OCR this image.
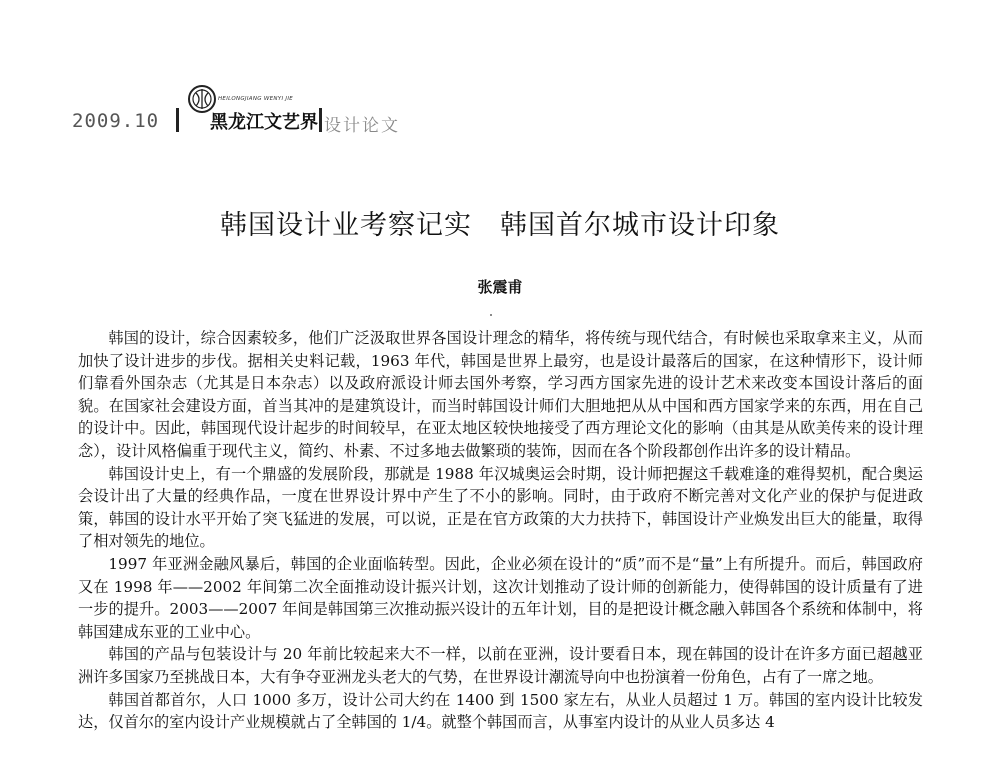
2009.10
HEILONGJIANG WENYI JIE
黑龙江文艺界 设计论文
韩国设计业考察记实　韩国首尔城市设计印象
张震甫

韩国的设计，综合因素较多，他们广泛汲取世界各国设计理念的精华，将传统与现代结合，有时候也采取拿来主义，从而加快了设计进步的步伐。据相关史料记载，1963 年代，韩国是世界上最穷，也是设计最落后的国家，在这种情形下，设计师们靠看外国杂志（尤其是日本杂志）以及政府派设计师去国外考察，学习西方国家先进的设计艺术来改变本国设计落后的面貌。在国家社会建设方面，首当其冲的是建筑设计，而当时韩国设计师们大胆地把从从中国和西方国家学来的东西，用在自己的设计中。因此，韩国现代设计起步的时间较早，在亚太地区较快地接受了西方理论文化的影响（由其是从欧美传来的设计理念），设计风格偏重于现代主义，简约、朴素、不过多地去做繁琐的装饰，因而在各个阶段都创作出许多的设计精品。

韩国设计史上，有一个鼎盛的发展阶段，那就是 1988 年汉城奥运会时期，设计师把握这千载难逢的难得契机，配合奥运会设计出了大量的经典作品，一度在世界设计界中产生了不小的影响。同时，由于政府不断完善对文化产业的保护与促进政策，韩国的设计水平开始了突飞猛进的发展，可以说，正是在官方政策的大力扶持下，韩国设计产业焕发出巨大的能量，取得了相对领先的地位。

1997 年亚洲金融风暴后，韩国的企业面临转型。因此，企业必须在设计的“质”而不是“量”上有所提升。而后，韩国政府又在 1998 年——2002 年间第二次全面推动设计振兴计划，这次计划推动了设计师的创新能力，使得韩国的设计质量有了进一步的提升。2003——2007 年间是韩国第三次推动振兴设计的五年计划，目的是把设计概念融入韩国各个系统和体制中，将韩国建成东亚的工业中心。

韩国的产品与包装设计与 20 年前比较起来大不一样，以前在亚洲，设计要看日本，现在韩国的设计在许多方面已超越亚洲许多国家乃至挑战日本，大有争夺亚洲龙头老大的气势，在世界设计潮流导向中也扮演着一份角色，占有了一席之地。

韩国首都首尔，人口 1000 多万，设计公司大约在 1400 到 1500 家左右，从业人员超过 1 万。韩国的室内设计比较发达，仅首尔的室内设计产业规模就占了全韩国的 1/4。就整个韩国而言，从事室内设计的从业人员多达 4
